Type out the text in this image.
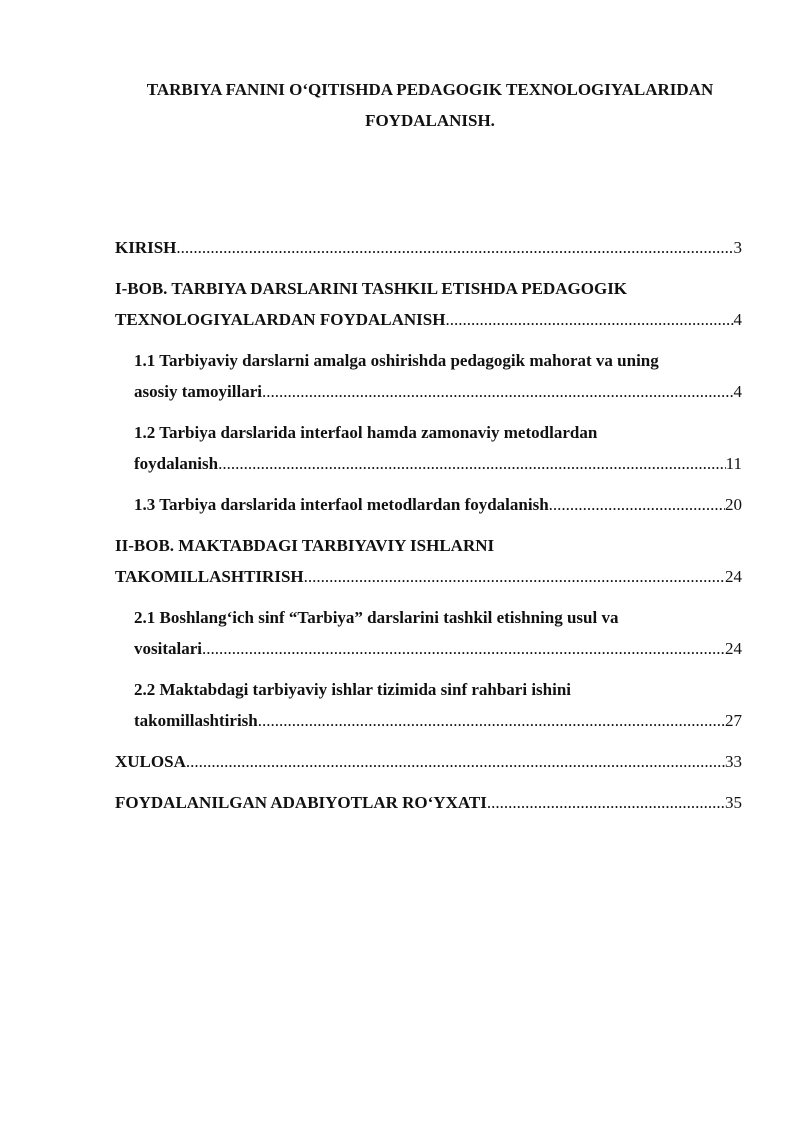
TARBIYA FANINI O‘QITISHDA PEDAGOGIK TEXNOLOGIYALARIDAN
FOYDALANISH.
KIRISH .....	3
I-BOB. TARBIYA DARSLARINI TASHKIL ETISHDA PEDAGOGIK
TEXNOLOGIYALARDAN FOYDALANISH .....	4
1.1 Tarbiyaviy darslarni amalga oshirishda pedagogik mahorat va uning
asosiy tamoyillari .....	4
1.2 Tarbiya darslarida interfaol hamda zamonaviy metodlardan
foydalanish .....	11
1.3 Tarbiya darslarida interfaol metodlardan foydalanish .....	20
II-BOB. MAKTABDAGI TARBIYAVIY ISHLARNI
TAKOMILLASHTIRISH .....	24
2.1 Boshlang‘ich sinf “Tarbiya” darslarini tashkil etishning usul va
vositalari .....	24
2.2 Maktabdagi tarbiyaviy ishlar tizimida sinf rahbari ishini
takomillashtirish .....	27
XULOSA .....	33
FOYDALANILGAN ADABIYOTLAR RO‘YXATI .....	35
